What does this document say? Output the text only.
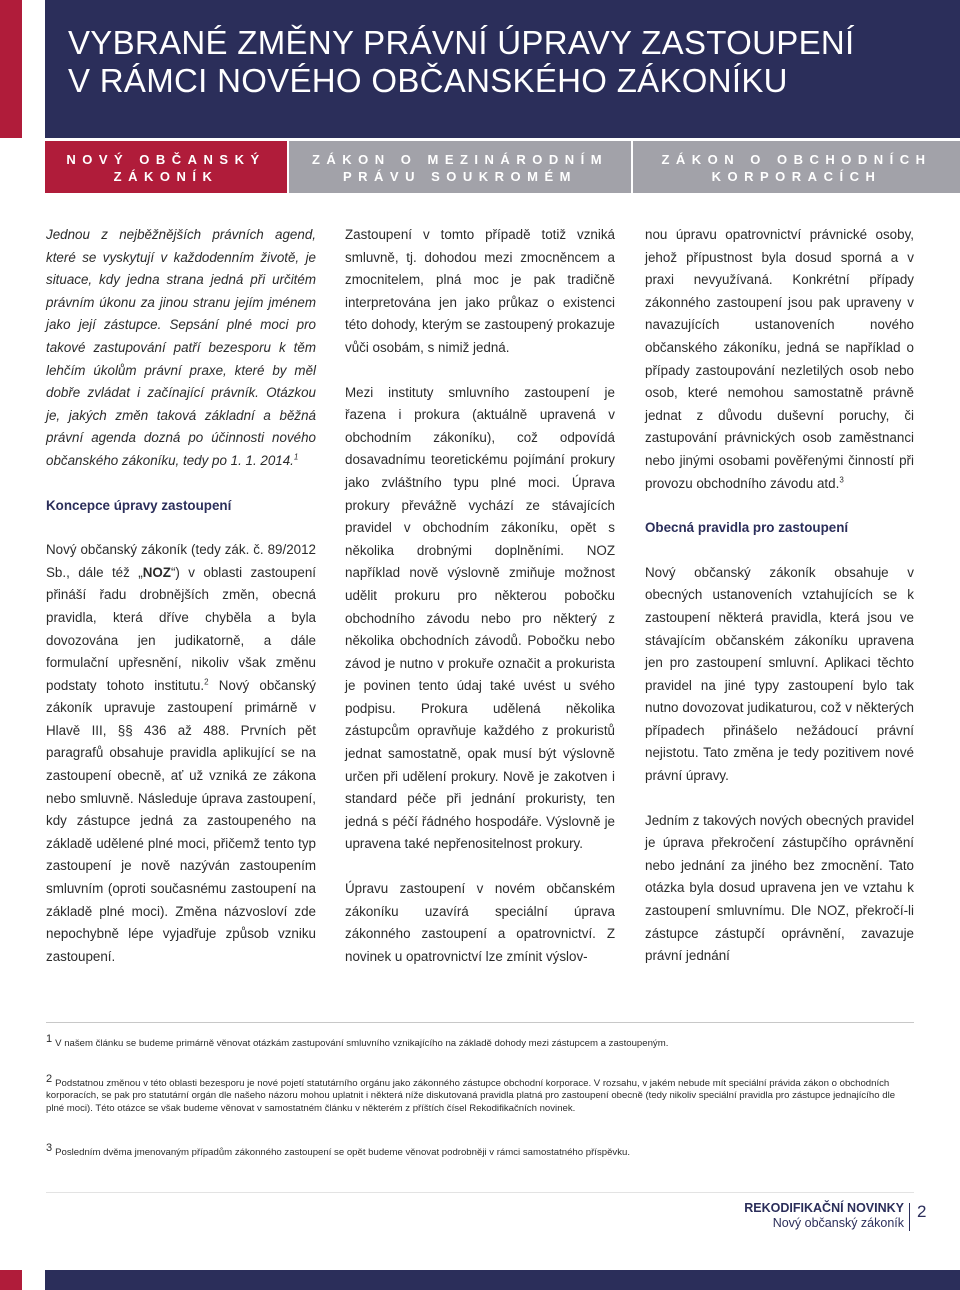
VYBRANÉ ZMĚNY PRÁVNÍ ÚPRAVY ZASTOUPENÍ
V RÁMCI NOVÉHO OBČANSKÉHO ZÁKONÍKU
NOVÝ OBČANSKÝ
ZÁKONÍK
ZÁKON O MEZINÁRODNÍM
PRÁVU SOUKROMÉM
ZÁKON O OBCHODNÍCH
KORPORACÍCH

Jednou z nejběžnějších právních agend, které se vyskytují v každodenním životě, je situace, kdy jedna strana jedná při určitém právním úkonu za jinou stranu jejím jménem jako její zástupce. Sepsání plné moci pro takové zastupování patří bezesporu k těm lehčím úkolům právní praxe, které by měl dobře zvládat i začínající právník. Otázkou je, jakých změn taková základní a běžná právní agenda dozná po účinnosti nového občanského zákoníku, tedy po 1. 1. 2014.$^1$

Koncepce úpravy zastoupení

Nový občanský zákoník (tedy zák. č. 89/2012 Sb., dále též „NOZ“) v oblasti zastoupení přináší řadu drobnějších změn, obecná pravidla, která dříve chyběla a byla dovozována jen judikatorně, a dále formulační upřesnění, nikoliv však změnu podstaty tohoto institutu.$^2$ Nový občanský zákoník upravuje zastoupení primárně v Hlavě III, §§ 436 až 488. Prvních pět paragrafů obsahuje pravidla aplikující se na zastoupení obecně, ať už vzniká ze zákona nebo smluvně. Následuje úprava zastoupení, kdy zástupce jedná za zastoupeného na základě udělené plné moci, přičemž tento typ zastoupení je nově nazýván zastoupením smluvním (oproti současnému zastoupení na základě plné moci). Změna názvosloví zde nepochybně lépe vyjadřuje způsob vzniku zastoupení.

Zastoupení v tomto případě totiž vzniká smluvně, tj. dohodou mezi zmocněncem a zmocnitelem, plná moc je pak tradičně interpretována jen jako průkaz o existenci této dohody, kterým se zastoupený prokazuje vůči osobám, s nimiž jedná.

Mezi instituty smluvního zastoupení je řazena i prokura (aktuálně upravená v obchodním zákoníku), což odpovídá dosavadnímu teoretickému pojímání prokury jako zvláštního typu plné moci. Úprava prokury převážně vychází ze stávajících pravidel v obchodním zákoníku, opět s několika drobnými doplněními. NOZ například nově výslovně zmiňuje možnost udělit prokuru pro některou pobočku obchodního závodu nebo pro některý z několika obchodních závodů. Pobočku nebo závod je nutno v prokuře označit a prokurista je povinen tento údaj také uvést u svého podpisu. Prokura udělená několika zástupcům opravňuje každého z prokuristů jednat samostatně, opak musí být výslovně určen při udělení prokury. Nově je zakotven i standard péče při jednání prokuristy, ten jedná s péčí řádného hospodáře. Výslovně je upravena také nepřenositelnost prokury.

Úpravu zastoupení v novém občanském zákoníku uzavírá speciální úprava zákonného zastoupení a opatrovnictví. Z novinek u opatrovnictví lze zmínit výslov-

nou úpravu opatrovnictví právnické osoby, jehož přípustnost byla dosud sporná a v praxi nevyužívaná. Konkrétní případy zákonného zastoupení jsou pak upraveny v navazujících ustanoveních nového občanského zákoníku, jedná se například o případy zastoupování nezletilých osob nebo osob, které nemohou samostatně právně jednat z důvodu duševní poruchy, či zastupování právnických osob zaměstnanci nebo jinými osobami pověřenými činností při provozu obchodního závodu atd.$^3$

Obecná pravidla pro zastoupení

Nový občanský zákoník obsahuje v obecných ustanoveních vztahujících se k zastoupení některá pravidla, která jsou ve stávajícím občanském zákoníku upravena jen pro zastoupení smluvní. Aplikaci těchto pravidel na jiné typy zastoupení bylo tak nutno dovozovat judikaturou, což v některých případech přinášelo nežádoucí právní nejistotu. Tato změna je tedy pozitivem nové právní úpravy.

Jedním z takových nových obecných pravidel je úprava překročení zástupčího oprávnění nebo jednání za jiného bez zmocnění. Tato otázka byla dosud upravena jen ve vztahu k zastoupení smluvnímu. Dle NOZ, překročí-li zástupce zástupčí oprávnění, zavazuje právní jednání

1 V našem článku se budeme primárně věnovat otázkám zastupování smluvního vznikajícího na základě dohody mezi zástupcem a zastoupeným.
2 Podstatnou změnou v této oblasti bezesporu je nové pojetí statutárního orgánu jako zákonného zástupce obchodní korporace. V rozsahu, v jakém nebude mít speciální právida zákon o obchodních korporacích, se pak pro statutární orgán dle našeho názoru mohou uplatnit i některá níže diskutovaná pravidla platná pro zastoupení obecně (tedy nikoliv speciální pravidla pro zástupce jednajícího dle plné moci). Této otázce se však budeme věnovat v samostatném článku v některém z příštích čísel Rekodifikačních novinek.
3 Posledním dvěma jmenovaným případům zákonného zastoupení se opět budeme věnovat podrobněji v rámci samostatného příspěvku.
REKODIFIKAČNÍ NOVINKY
Nový občanský zákoník
2
